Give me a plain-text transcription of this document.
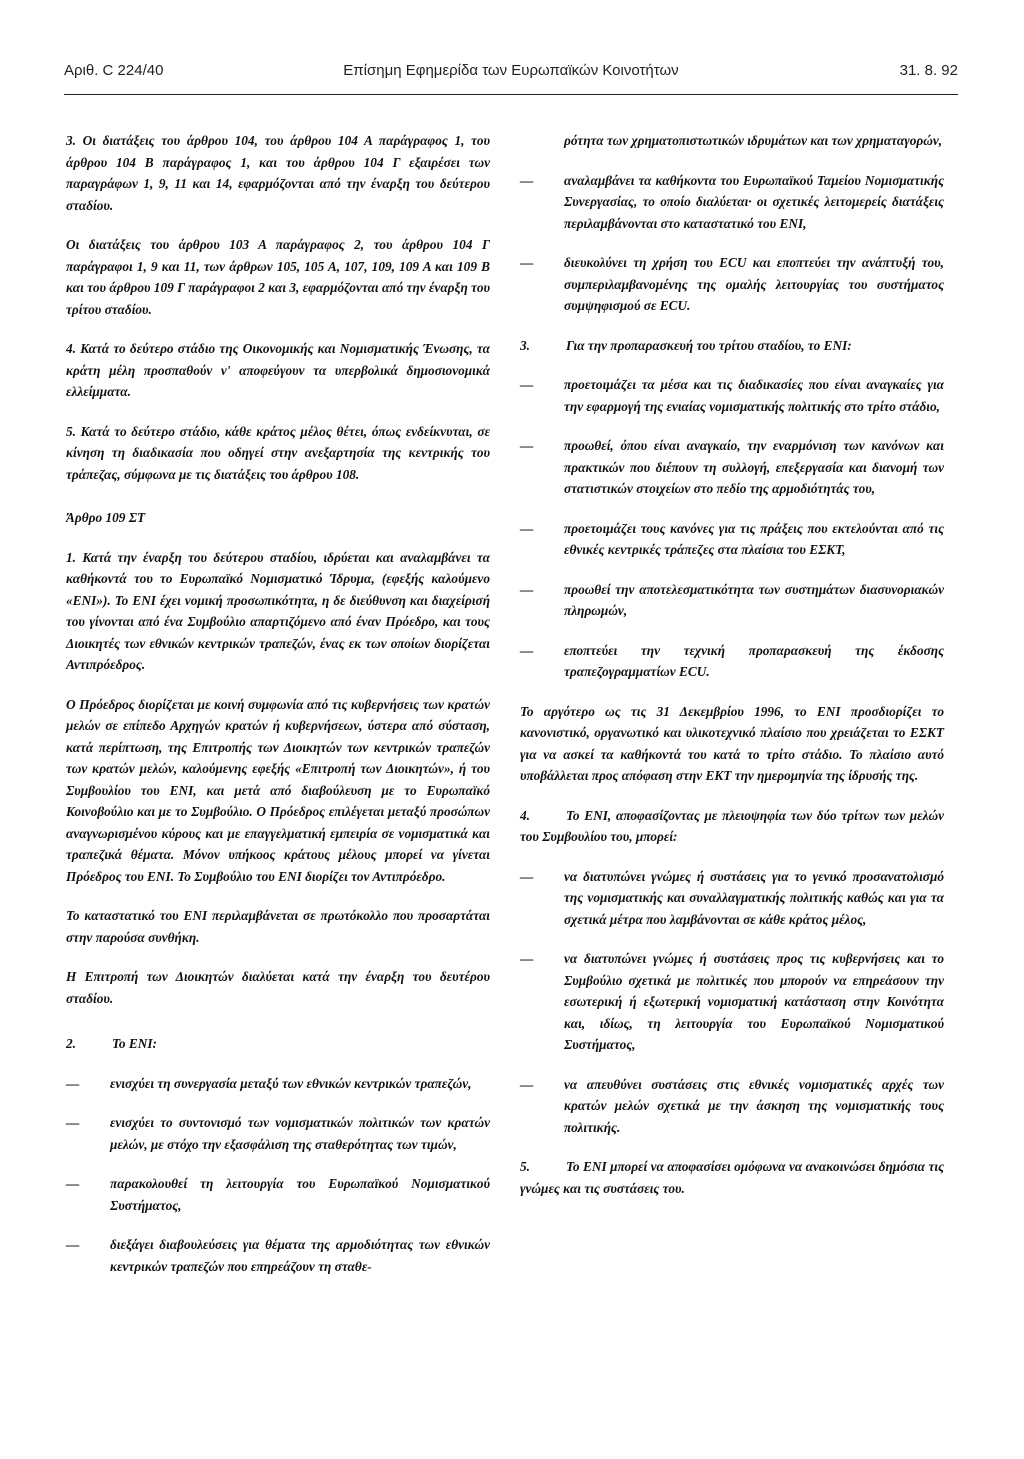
Αριθ. C 224/40	Επίσημη Εφημερίδα των Ευρωπαϊκών Κοινοτήτων	31. 8. 92

3. Οι διατάξεις του άρθρου 104, του άρθρου 104 Α παράγραφος 1, του άρθρου 104 Β παράγραφος 1, και του άρθρου 104 Γ εξαιρέσει των παραγράφων 1, 9, 11 και 14, εφαρμόζονται από την έναρξη του δεύτερου σταδίου.

Οι διατάξεις του άρθρου 103 Α παράγραφος 2, του άρθρου 104 Γ παράγραφοι 1, 9 και 11, των άρθρων 105, 105 Α, 107, 109, 109 Α και 109 Β και του άρθρου 109 Γ παράγραφοι 2 και 3, εφαρμόζονται από την έναρξη του τρίτου σταδίου.

4. Κατά το δεύτερο στάδιο της Οικονομικής και Νομισματικής Ένωσης, τα κράτη μέλη προσπαθούν ν' αποφεύγουν τα υπερβολικά δημοσιονομικά ελλείμματα.

5. Κατά το δεύτερο στάδιο, κάθε κράτος μέλος θέτει, όπως ενδείκνυται, σε κίνηση τη διαδικασία που οδηγεί στην ανεξαρτησία της κεντρικής του τράπεζας, σύμφωνα με τις διατάξεις του άρθρου 108.

Άρθρο 109 ΣΤ

1. Κατά την έναρξη του δεύτερου σταδίου, ιδρύεται και αναλαμβάνει τα καθήκοντά του το Ευρωπαϊκό Νομισματικό Ίδρυμα, (εφεξής καλούμενο «ΕΝΙ»). Το ΕΝΙ έχει νομική προσωπικότητα, η δε διεύθυνση και διαχείρισή του γίνονται από ένα Συμβούλιο απαρτιζόμενο από έναν Πρόεδρο, και τους Διοικητές των εθνικών κεντρικών τραπεζών, ένας εκ των οποίων διορίζεται Αντιπρόεδρος.

Ο Πρόεδρος διορίζεται με κοινή συμφωνία από τις κυβερνήσεις των κρατών μελών σε επίπεδο Αρχηγών κρατών ή κυβερνήσεων, ύστερα από σύσταση, κατά περίπτωση, της Επιτροπής των Διοικητών των κεντρικών τραπεζών των κρατών μελών, καλούμενης εφεξής «Επιτροπή των Διοικητών», ή του Συμβουλίου του ΕΝΙ, και μετά από διαβούλευση με το Ευρωπαϊκό Κοινοβούλιο και με το Συμβούλιο. Ο Πρόεδρος επιλέγεται μεταξύ προσώπων αναγνωρισμένου κύρους και με επαγγελματική εμπειρία σε νομισματικά και τραπεζικά θέματα. Μόνον υπήκοος κράτους μέλους μπορεί να γίνεται Πρόεδρος του ΕΝΙ. Το Συμβούλιο του ΕΝΙ διορίζει τον Αντιπρόεδρο.

Το καταστατικό του ΕΝΙ περιλαμβάνεται σε πρωτόκολλο που προσαρτάται στην παρούσα συνθήκη.

Η Επιτροπή των Διοικητών διαλύεται κατά την έναρξη του δευτέρου σταδίου.

2.	Το ΕΝΙ:

—	ενισχύει τη συνεργασία μεταξύ των εθνικών κεντρικών τραπεζών,
—	ενισχύει το συντονισμό των νομισματικών πολιτικών των κρατών μελών, με στόχο την εξασφάλιση της σταθερότητας των τιμών,
—	παρακολουθεί τη λειτουργία του Ευρωπαϊκού Νομισματικού Συστήματος,
—	διεξάγει διαβουλεύσεις για θέματα της αρμοδιότητας των εθνικών κεντρικών τραπεζών που επηρεάζουν τη σταθε-
ρότητα των χρηματοπιστωτικών ιδρυμάτων και των χρηματαγορών,
—	αναλαμβάνει τα καθήκοντα του Ευρωπαϊκού Ταμείου Νομισματικής Συνεργασίας, το οποίο διαλύεται· οι σχετικές λειτομερείς διατάξεις περιλαμβάνονται στο καταστατικό του ΕΝΙ,
—	διευκολύνει τη χρήση του ECU και εποπτεύει την ανάπτυξή του, συμπεριλαμβανομένης της ομαλής λειτουργίας του συστήματος συμψηφισμού σε ECU.

3.	Για την προπαρασκευή του τρίτου σταδίου, το ΕΝΙ:

—	προετοιμάζει τα μέσα και τις διαδικασίες που είναι αναγκαίες για την εφαρμογή της ενιαίας νομισματικής πολιτικής στο τρίτο στάδιο,
—	προωθεί, όπου είναι αναγκαίο, την εναρμόνιση των κανόνων και πρακτικών που διέπουν τη συλλογή, επεξεργασία και διανομή των στατιστικών στοιχείων στο πεδίο της αρμοδιότητάς του,
—	προετοιμάζει τους κανόνες για τις πράξεις που εκτελούνται από τις εθνικές κεντρικές τράπεζες στα πλαίσια του ΕΣΚΤ,
—	προωθεί την αποτελεσματικότητα των συστημάτων διασυνοριακών πληρωμών,
—	εποπτεύει την τεχνική προπαρασκευή της έκδοσης τραπεζογραμματίων ECU.

Το αργότερο ως τις 31 Δεκεμβρίου 1996, το ΕΝΙ προσδιορίζει το κανονιστικό, οργανωτικό και υλικοτεχνικό πλαίσιο που χρειάζεται το ΕΣΚΤ για να ασκεί τα καθήκοντά του κατά το τρίτο στάδιο. Το πλαίσιο αυτό υποβάλλεται προς απόφαση στην ΕΚΤ την ημερομηνία της ίδρυσής της.

4.	Το ΕΝΙ, αποφασίζοντας με πλειοψηφία των δύο τρίτων των μελών του Συμβουλίου του, μπορεί:

—	να διατυπώνει γνώμες ή συστάσεις για το γενικό προσανατολισμό της νομισματικής και συναλλαγματικής πολιτικής καθώς και για τα σχετικά μέτρα που λαμβάνονται σε κάθε κράτος μέλος,
—	να διατυπώνει γνώμες ή συστάσεις προς τις κυβερνήσεις και το Συμβούλιο σχετικά με πολιτικές που μπορούν να επηρεάσουν την εσωτερική ή εξωτερική νομισματική κατάσταση στην Κοινότητα και, ιδίως, τη λειτουργία του Ευρωπαϊκού Νομισματικού Συστήματος,
—	να απευθύνει συστάσεις στις εθνικές νομισματικές αρχές των κρατών μελών σχετικά με την άσκηση της νομισματικής τους πολιτικής.

5.	Το ΕΝΙ μπορεί να αποφασίσει ομόφωνα να ανακοινώσει δημόσια τις γνώμες και τις συστάσεις του.
